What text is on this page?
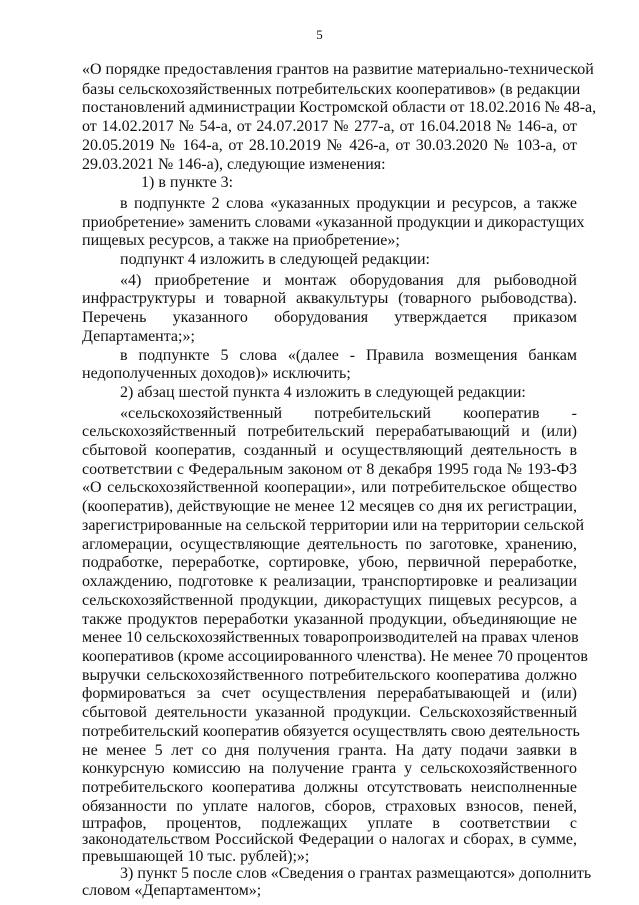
5
«О порядке предоставления грантов на развитие материально-технической
базы сельскохозяйственных потребительских кооперативов» (в редакции
постановлений администрации Костромской области от 18.02.2016 № 48-а,
от 14.02.2017 № 54-а, от 24.07.2017 № 277-а, от 16.04.2018 № 146-а, от
20.05.2019 № 164-а, от 28.10.2019 № 426-а, от 30.03.2020 № 103-а, от
29.03.2021 № 146-а), следующие изменения:
1) в пункте 3:
в подпункте 2 слова «указанных продукции и ресурсов, а также
приобретение» заменить словами «указанной продукции и дикорастущих
пищевых ресурсов, а также на приобретение»;
подпункт 4 изложить в следующей редакции:
«4) приобретение и монтаж оборудования для рыбоводной
инфраструктуры и товарной аквакультуры (товарного рыбоводства).
Перечень указанного оборудования утверждается приказом
Департамента;»;
в подпункте 5 слова «(далее - Правила возмещения банкам
недополученных доходов)» исключить;
2) абзац шестой пункта 4 изложить в следующей редакции:
«сельскохозяйственный потребительский кооператив -
сельскохозяйственный потребительский перерабатывающий и (или)
сбытовой кооператив, созданный и осуществляющий деятельность в
соответствии с Федеральным законом от 8 декабря 1995 года № 193-ФЗ
«О сельскохозяйственной кооперации», или потребительское общество
(кооператив), действующие не менее 12 месяцев со дня их регистрации,
зарегистрированные на сельской территории или на территории сельской
агломерации, осуществляющие деятельность по заготовке, хранению,
подработке, переработке, сортировке, убою, первичной переработке,
охлаждению, подготовке к реализации, транспортировке и реализации
сельскохозяйственной продукции, дикорастущих пищевых ресурсов, а
также продуктов переработки указанной продукции, объединяющие не
менее 10 сельскохозяйственных товаропроизводителей на правах членов
кооперативов (кроме ассоциированного членства). Не менее 70 процентов
выручки сельскохозяйственного потребительского кооператива должно
формироваться за счет осуществления перерабатывающей и (или)
сбытовой деятельности указанной продукции. Сельскохозяйственный
потребительский кооператив обязуется осуществлять свою деятельность
не менее 5 лет со дня получения гранта. На дату подачи заявки в
конкурсную комиссию на получение гранта у сельскохозяйственного
потребительского кооператива должны отсутствовать неисполненные
обязанности по уплате налогов, сборов, страховых взносов, пеней,
штрафов, процентов, подлежащих уплате в соответствии с
законодательством Российской Федерации о налогах и сборах, в сумме,
превышающей 10 тыс. рублей);»;
3) пункт 5 после слов «Сведения о грантах размещаются» дополнить
словом «Департаментом»;
